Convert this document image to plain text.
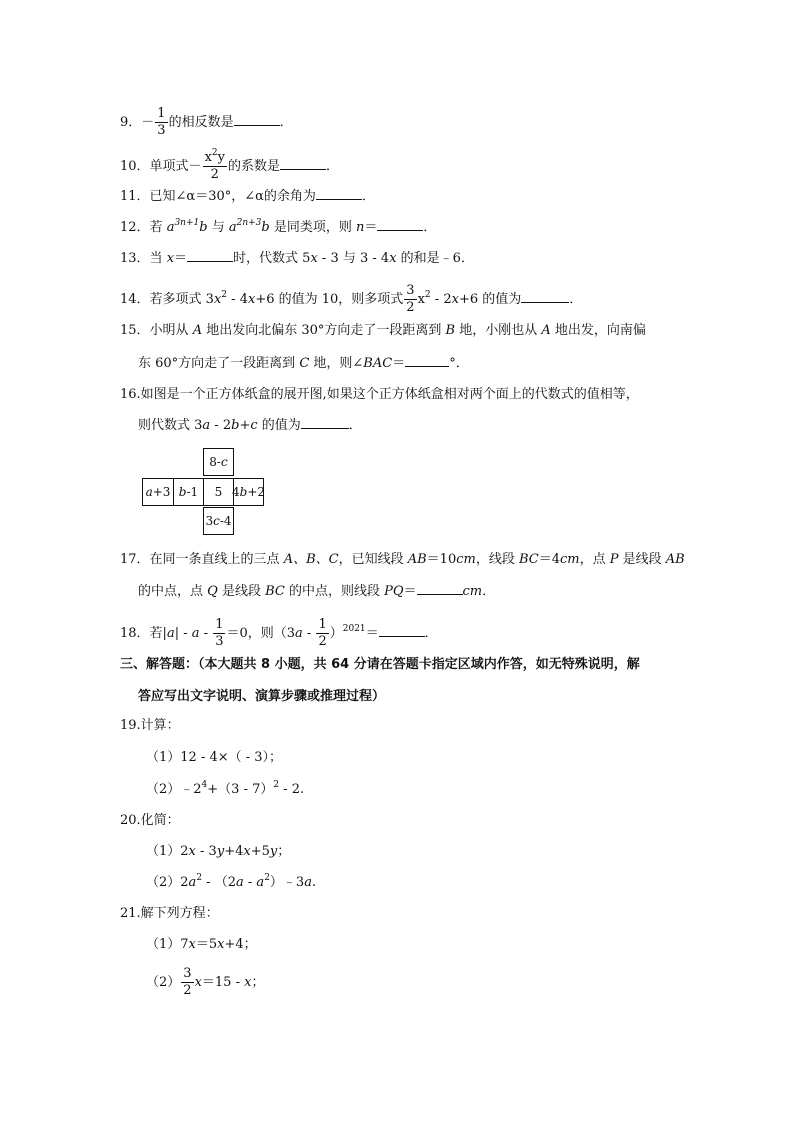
9．－ $\frac{1}{3}$ 的相反数是	．
10．单项式－ $\frac{x^2y}{2}$ 的系数是	．
11．已知∠α＝30°，∠α的余角为	．
12．若 $a^{3n+1}b$ 与 $a^{2n+3}b$ 是同类项，则 n＝	．
13．当 x＝	时，代数式 5x - 3 与 3 - 4x 的和是﹣6．
14．若多项式 $3x^2 - 4x+6$ 的值为 10，则多项式 $\frac{3}{2} x^2 - 2x+6$ 的值为	．
15．小明从 A 地出发向北偏东 30°方向走了一段距离到 B 地，小刚也从 A 地出发，向南偏
东 60°方向走了一段距离到 C 地，则∠BAC＝	°．
16.如图是一个正方体纸盒的展开图,如果这个正方体纸盒相对两个面上的代数式的值相等，
则代数式 3a - 2b+c 的值为	．
8- c
a +3 b -1 5 4 b +2
3 c -4
17．在同一条直线上的三点 A、B、C，已知线段 AB＝10cm，线段 BC＝4cm，点 P 是线段 AB
的中点，点 Q 是线段 BC 的中点，则线段 PQ＝	cm．
18．若$|a| - a - \frac{1}{3} =0$，则$(3a - \frac{1}{2} )^{2021}=$	．
三、解答题：（本大题共 8 小题，共 64 分请在答题卡指定区域内作答，如无特殊说明，解
答应写出文字说明、演算步骤或推理过程）
19.计算：
（1）12 - 4×（ - 3）；
$(2)﹣2^4+(3 - 7)^2 - 2$.
20.化简：
（1）2x - 3y+4x+5y；
$(2)2a^2 - (2a$ - $a^2)﹣3a$.
21.解下列方程：
（1）7x＝5x+4；
$(2) \frac{3}{2} x=15 - x$；
